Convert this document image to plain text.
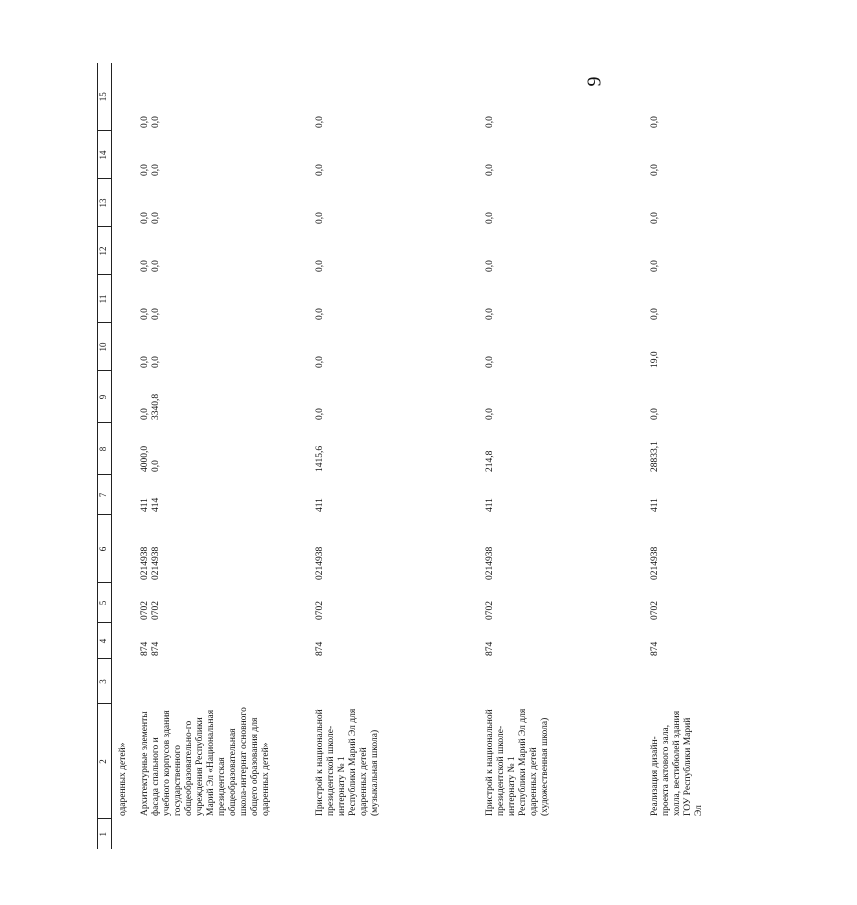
9
1	2	3	4	5	6	7	8	9	10	11	12	13	14	15
	одаренных детей»													
	Архитектурные элементы фасада спального и учебного корпусов здания государственного общеобразовательно-го учреждения Республики Марий Эл «Национальная президентская общеобразовательная школа-интернат основного общего образования для одаренных детей»		874 874	0702 0702	0214938 0214938	411 414	4000,0 0,0	0,0 3340,8	0,0 0,0	0,0 0,0	0,0 0,0	0,0 0,0	0,0 0,0	0,0 0,0

	Пристрой к национальной президентской школе-интернату № 1 Республики Марий Эл для одаренных детей (музыкальная школа)		874	0702	0214938	411	1415,6	0,0	0,0	0,0	0,0	0,0	0,0	0,0

	Пристрой к национальной президентской школе-интернату № 1 Республики Марий Эл для одаренных детей (художественная школа)		874	0702	0214938	411	214,8	0,0	0,0	0,0	0,0	0,0	0,0	0,0

	Реализация дизайн-проекта актового зала, холла, вестибюлей здания ГОУ Республики Марий Эл		874	0702	0214938	411	28833,1	0,0	19,0	0,0	0,0	0,0	0,0	0,0
